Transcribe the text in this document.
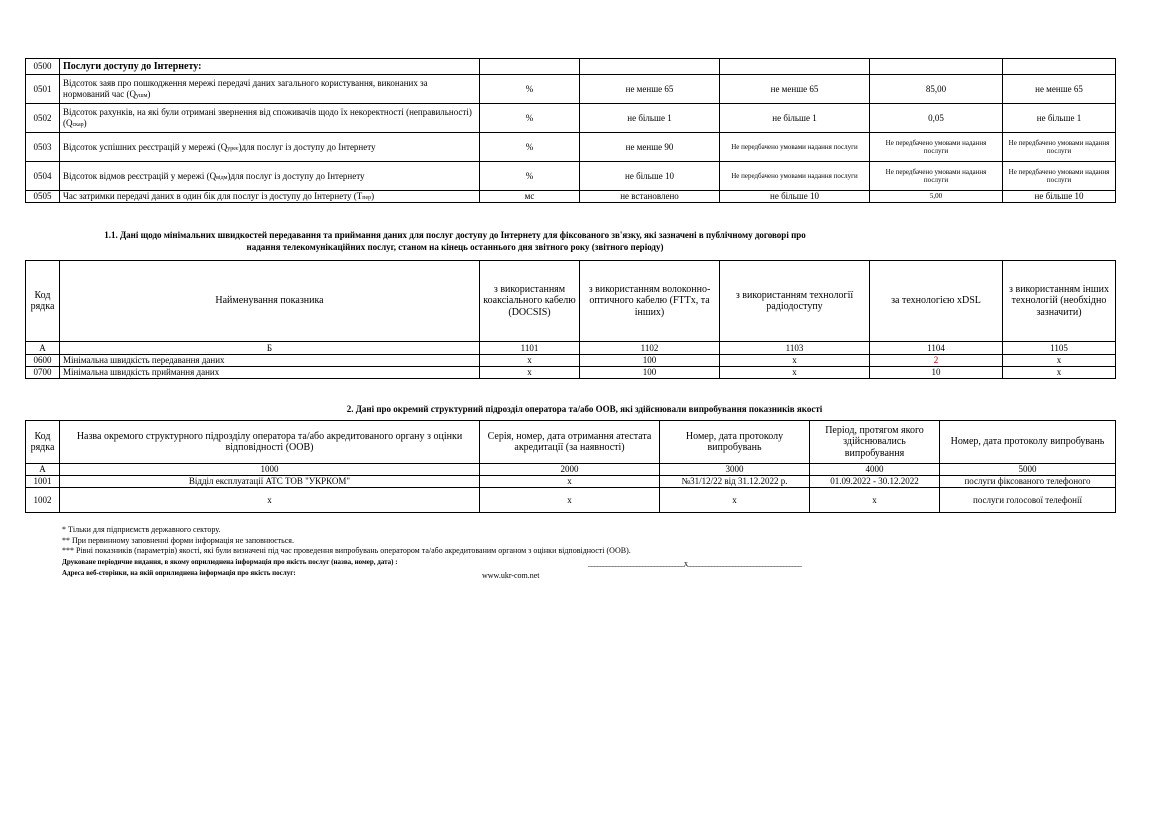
0500	Послуги доступу до Інтернету:					
0501	Відсоток заяв про пошкодження мережі передачі даних загального користування, виконаних за нормований час (Qушм)	%	не менше 65	не менше 65	85,00	не менше 65
0502	Відсоток рахунків, на які були отримані звернення від споживачів щодо їх некоректності (неправильності) (Qскар)	%	не більше 1	не більше 1	0,05	не більше 1
0503	Відсоток успішних реєстрацій у мережі (Qуреє)для послуг із доступу до Інтернету	%	не менше 90	Не передбачено умовами надання послуги	Не передбачено умовами надання послуги	Не передбачено умовами надання послуги
0504	Відсоток відмов реєстрацій у мережі (Qвідм)для послуг із доступу до Інтернету	%	не більше 10	Не передбачено умовами надання послуги	Не передбачено умовами надання послуги	Не передбачено умовами надання послуги
0505	Час затримки передачі даних в один бік для послуг із доступу до Інтернету (Tпер)	мс	не встановлено	не більше 10	5,00	не більше 10
1.1. Дані щодо мінімальних швидкостей передавання та приймання даних для послуг доступу до Інтернету для фіксованого зв'язку, які зазначені в публічному договорі про
надання телекомунікаційних послуг, станом на кінець останнього дня звітного року (звітного періоду)
Код рядка	Найменування показника	з використанням коаксіального кабелю (DOCSIS)	з використанням волоконно-оптичного кабелю (FTTx, та інших)	з використанням технології радіодоступу	за технологією xDSL	з використанням інших технологій (необхідно зазначити)
А	Б	1101	1102	1103	1104	1105
0600	Мінімальна швидкість передавання даних	x	100	x	2	x
0700	Мінімальна швидкість приймання даних	x	100	x	10	x
2. Дані про окремий структурний підрозділ оператора та/або ООВ, які здійснювали випробування показників якості
Код рядка	Назва окремого структурного підрозділу оператора та/або акредитованого органу з оцінки відповідності (ООВ)	Серія, номер, дата отримання атестата акредитації (за наявності)	Номер, дата протоколу випробувань	Період, протягом якого здійснювались випробування	Номер, дата протоколу випробувань
А	1000	2000	3000	4000	5000
1001	Відділ експлуатації АТС ТОВ "УКРКОМ"	x	№31/12/22 від 31.12.2022 р.	01.09.2022 - 30.12.2022	послуги фіксованого телефоного
1002	x	x	x	x	послуги голосової телефонії
* Тільки для підприємств державного сектору.
** При первинному заповненні форми інформація не заповнюється.
*** Рівні показників (параметрів) якості, які були визначені під час проведення випробувань оператором та/або акредитованим органом з оцінки відповідності (ООВ).
Друковане періодичне видання, в якому оприлюднена інформація про якість послуг (назва, номер, дата) :
Адреса веб-сторінки, на якій оприлюднена інформація про якість послуг:
________________________________x______________________________________
www.ukr-com.net
